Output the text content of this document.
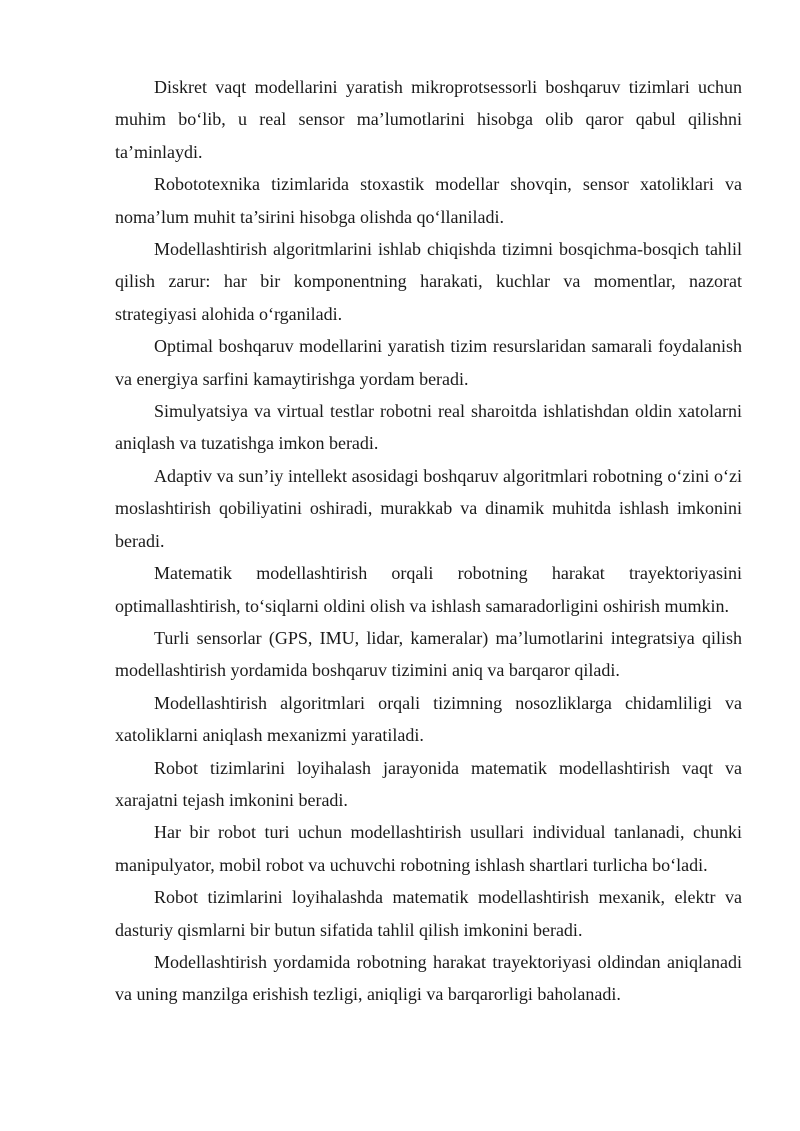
Diskret vaqt modellarini yaratish mikroprotsessorli boshqaruv tizimlari uchun muhim bo‘lib, u real sensor ma’lumotlarini hisobga olib qaror qabul qilishni ta’minlaydi.

Robototexnika tizimlarida stoxastik modellar shovqin, sensor xatoliklari va noma’lum muhit ta’sirini hisobga olishda qo‘llaniladi.

Modellashtirish algoritmlarini ishlab chiqishda tizimni bosqichma-bosqich tahlil qilish zarur: har bir komponentning harakati, kuchlar va momentlar, nazorat strategiyasi alohida o‘rganiladi.

Optimal boshqaruv modellarini yaratish tizim resurslaridan samarali foydalanish va energiya sarfini kamaytirishga yordam beradi.

Simulyatsiya va virtual testlar robotni real sharoitda ishlatishdan oldin xatolarni aniqlash va tuzatishga imkon beradi.

Adaptiv va sun’iy intellekt asosidagi boshqaruv algoritmlari robotning o‘zini o‘zi moslashtirish qobiliyatini oshiradi, murakkab va dinamik muhitda ishlash imkonini beradi.

Matematik modellashtirish orqali robotning harakat trayektoriyasini optimallashtirish, to‘siqlarni oldini olish va ishlash samaradorligini oshirish mumkin.

Turli sensorlar (GPS, IMU, lidar, kameralar) ma’lumotlarini integratsiya qilish modellashtirish yordamida boshqaruv tizimini aniq va barqaror qiladi.

Modellashtirish algoritmlari orqali tizimning nosozliklarga chidamliligi va xatoliklarni aniqlash mexanizmi yaratiladi.

Robot tizimlarini loyihalash jarayonida matematik modellashtirish vaqt va xarajatni tejash imkonini beradi.

Har bir robot turi uchun modellashtirish usullari individual tanlanadi, chunki manipulyator, mobil robot va uchuvchi robotning ishlash shartlari turlicha bo‘ladi.

Robot tizimlarini loyihalashda matematik modellashtirish mexanik, elektr va dasturiy qismlarni bir butun sifatida tahlil qilish imkonini beradi.

Modellashtirish yordamida robotning harakat trayektoriyasi oldindan aniqlanadi va uning manzilga erishish tezligi, aniqligi va barqarorligi baholanadi.
